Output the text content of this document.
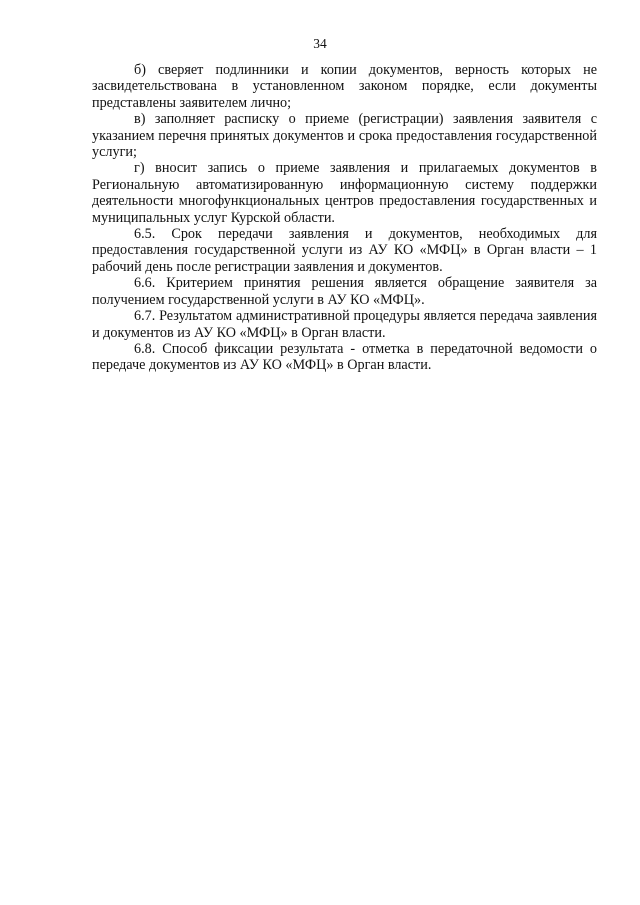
34

б) сверяет подлинники и копии документов, верность которых не засвидетельствована в установленном законом порядке, если документы представлены заявителем лично;

в) заполняет расписку о приеме (регистрации) заявления заявителя с указанием перечня принятых документов и срока предоставления государственной услуги;

г) вносит запись о приеме заявления и прилагаемых документов в Региональную автоматизированную информационную систему поддержки деятельности многофункциональных центров предоставления государственных и муниципальных услуг Курской области.

6.5. Срок передачи заявления и документов, необходимых для предоставления государственной услуги из АУ КО «МФЦ» в Орган власти – 1 рабочий день после регистрации заявления и документов.

6.6. Критерием принятия решения является обращение заявителя за получением государственной услуги в АУ КО «МФЦ».

6.7. Результатом административной процедуры является передача заявления и документов из АУ КО «МФЦ» в Орган власти.

6.8. Способ фиксации результата - отметка в передаточной ведомости о передаче документов из АУ КО «МФЦ» в Орган власти.
